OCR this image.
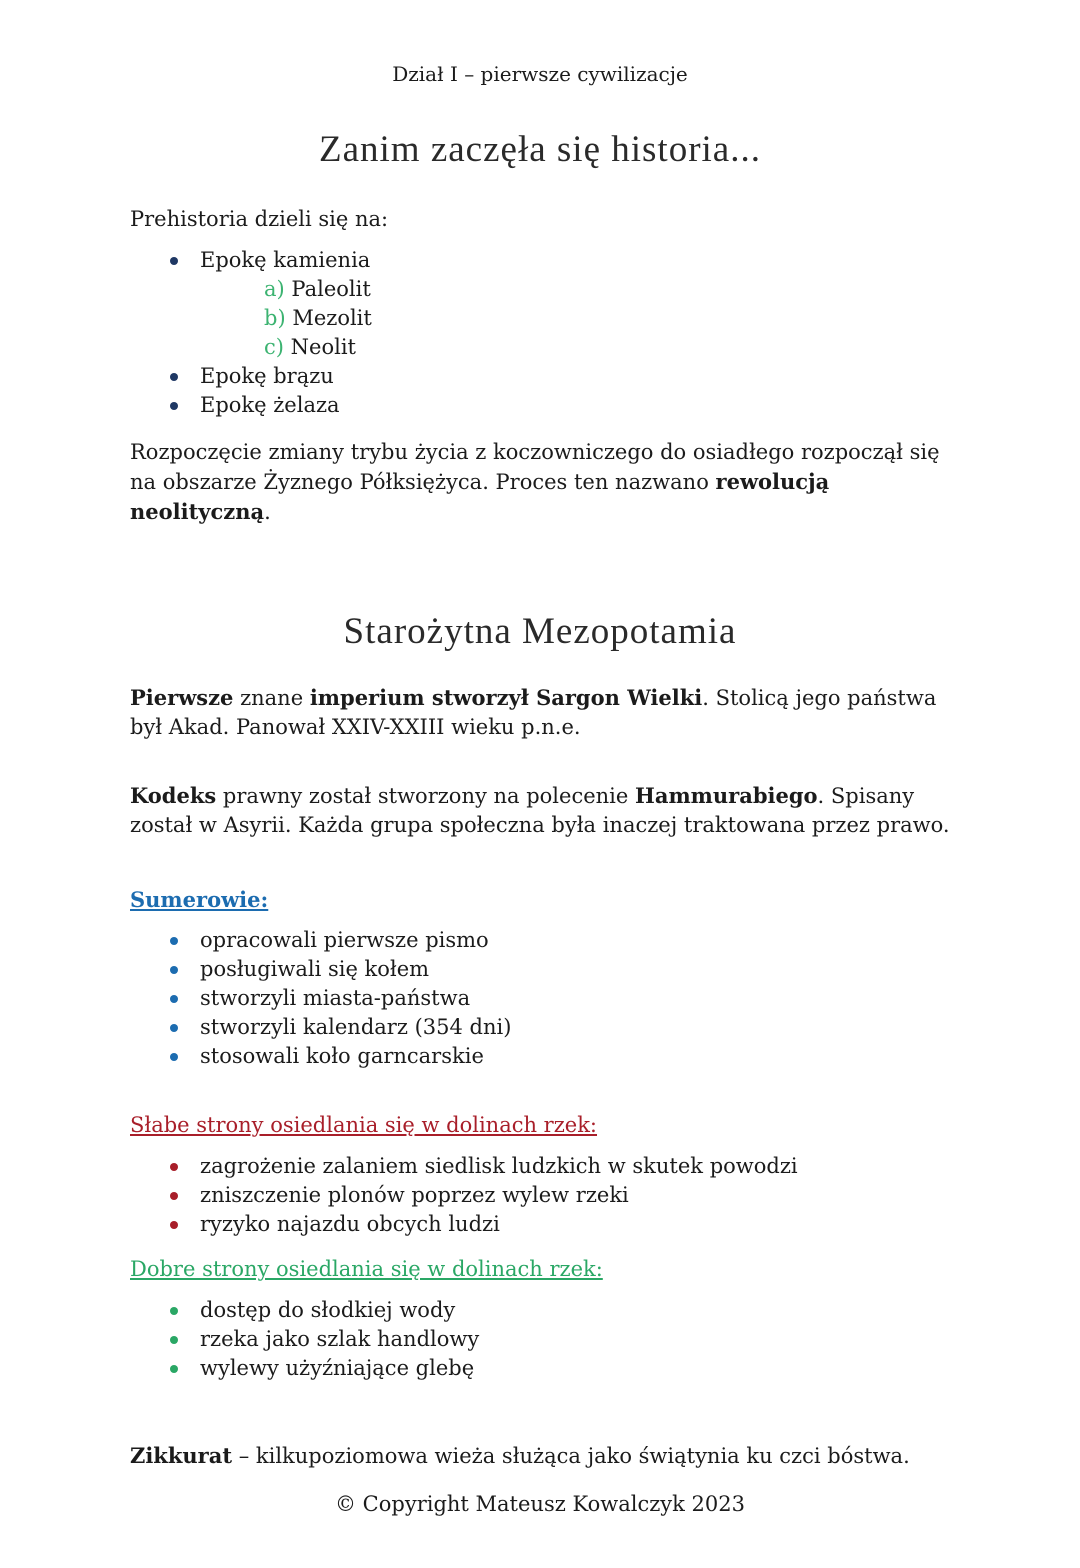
Dział I – pierwsze cywilizacje
Zanim zaczęła się historia...
Prehistoria dzieli się na:
Epokę kamienia
a) Paleolit
b) Mezolit
c) Neolit
Epokę brązu
Epokę żelaza

Rozpoczęcie zmiany trybu życia z koczowniczego do osiadłego rozpoczął się na obszarze Żyznego Półksiężyca. Proces ten nazwano rewolucją neolityczną.

Starożytna Mezopotamia

Pierwsze znane imperium stworzył Sargon Wielki. Stolicą jego państwa był Akad. Panował XXIV-XXIII wieku p.n.e.

Kodeks prawny został stworzony na polecenie Hammurabiego. Spisany został w Asyrii. Każda grupa społeczna była inaczej traktowana przez prawo.

Sumerowie:
opracowali pierwsze pismo
posługiwali się kołem
stworzyli miasta-państwa
stworzyli kalendarz (354 dni)
stosowali koło garncarskie
Słabe strony osiedlania się w dolinach rzek:
zagrożenie zalaniem siedlisk ludzkich w skutek powodzi
zniszczenie plonów poprzez wylew rzeki
ryzyko najazdu obcych ludzi
Dobre strony osiedlania się w dolinach rzek:
dostęp do słodkiej wody
rzeka jako szlak handlowy
wylewy użyźniające glebę

Zikkurat – kilkupoziomowa wieża służąca jako świątynia ku czci bóstwa.

© Copyright Mateusz Kowalczyk 2023
